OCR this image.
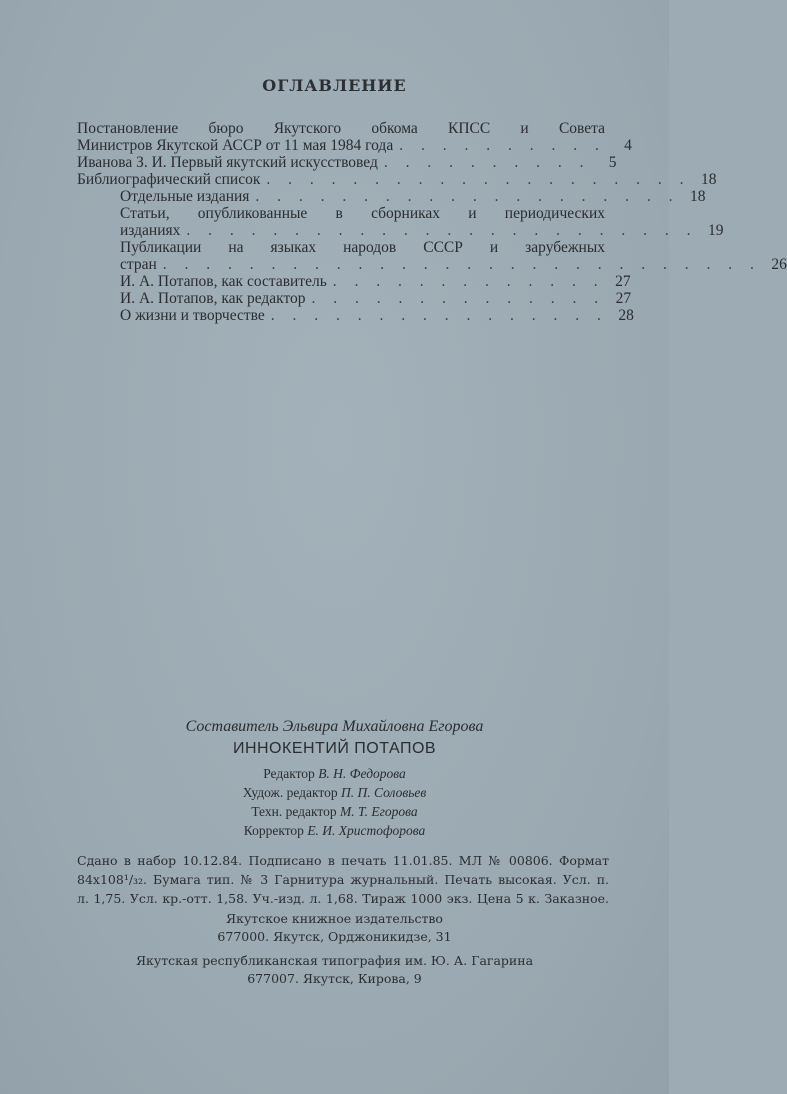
ОГЛАВЛЕНИЕ
Постановление бюро Якутского обкома КПСС и Совета
Министров Якутской АССР от 11 мая 1984 года . . . . . . . . . .	4
Иванова З. И. Первый якутский искусствовед . . . . . . . . . .	5
Библиографический список . . . . . . . . . . . . . . . . . . . . 18
Отдельные издания . . . . . . . . . . . . . . . . . . . . 18
Статьи, опубликованные в сборниках и периодических
изданиях . . . . . . . . . . . . . . . . . . . . . . . . 19
Публикации на языках народов СССР и зарубежных
стран . . . . . . . . . . . . . . . . . . . . . . . . . . . . 26
И. А. Потапов, как составитель . . . . . . . . . . . . . 27
И. А. Потапов, как редактор . . . . . . . . . . . . . . 27
О жизни и творчестве . . . . . . . . . . . . . . . . 28
Составитель Эльвира Михайловна Егорова
ИННОКЕНТИЙ ПОТАПОВ
Редактор В. Н. Федорова
Худож. редактор П. П. Соловьев
Техн. редактор М. Т. Егорова
Корректор Е. И. Христофорова
Сдано в набор 10.12.84. Подписано в печать 11.01.85. МЛ № 00806. Формат
84x108¹/₃₂. Бумага тип. № 3 Гарнитура журнальный. Печать высокая. Усл. п.
л. 1,75. Усл. кр.-отт. 1,58. Уч.-изд. л. 1,68. Тираж 1000 экз. Цена 5 к. Заказное.
Якутское книжное издательство
677000. Якутск, Орджоникидзе, 31
Якутская республиканская типография им. Ю. А. Гагарина
677007. Якутск, Кирова, 9
